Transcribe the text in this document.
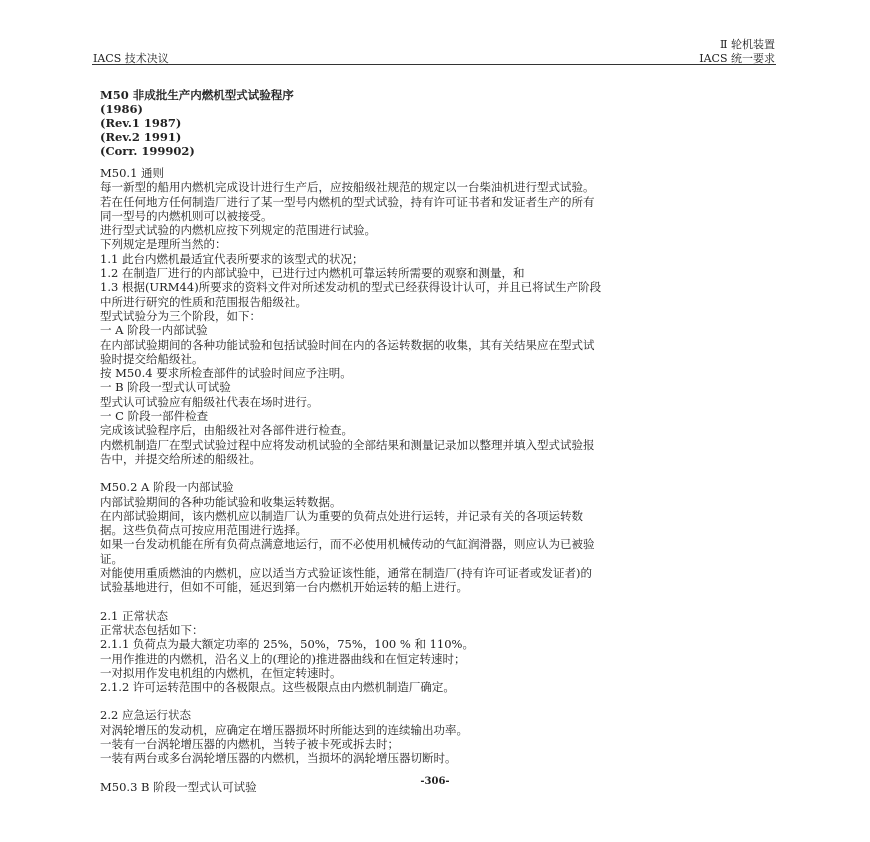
Ⅱ 轮机装置
IACS 技术决议	IACS 统一要求
M50 非成批生产内燃机型式试验程序
(1986)
(Rev.1 1987)
(Rev.2 1991)
(Corr. 199902)

M50.1 通则

每一新型的船用内燃机完成设计进行生产后，应按船级社规范的规定以一台柴油机进行型式试验。

若在任何地方任何制造厂进行了某一型号内燃机的型式试验，持有许可证书者和发证者生产的所有

同一型号的内燃机则可以被接受。

进行型式试验的内燃机应按下列规定的范围进行试验。

下列规定是理所当然的：

1.1 此台内燃机最适宜代表所要求的该型式的状况；

1.2 在制造厂进行的内部试验中，已进行过内燃机可靠运转所需要的观察和测量，和

1.3 根据(URM44)所要求的资料文件对所述发动机的型式已经获得设计认可，并且已将试生产阶段

中所进行研究的性质和范围报告船级社。

型式试验分为三个阶段，如下：

一 A 阶段一内部试验

在内部试验期间的各种功能试验和包括试验时间在内的各运转数据的收集，其有关结果应在型式试

验时提交给船级社。

按 M50.4 要求所检查部件的试验时间应予注明。

一 B 阶段一型式认可试验

型式认可试验应有船级社代表在场时进行。

一 C 阶段一部件检查

完成该试验程序后，由船级社对各部件进行检查。

内燃机制造厂在型式试验过程中应将发动机试验的全部结果和测量记录加以整理并填入型式试验报

告中，并提交给所述的船级社。

M50.2 A 阶段一内部试验

内部试验期间的各种功能试验和收集运转数据。

在内部试验期间，该内燃机应以制造厂认为重要的负荷点处进行运转，并记录有关的各项运转数

据。这些负荷点可按应用范围进行选择。

如果一台发动机能在所有负荷点满意地运行，而不必使用机械传动的气缸润滑器，则应认为已被验

证。

对能使用重质燃油的内燃机，应以适当方式验证该性能，通常在制造厂(持有许可证者或发证者)的

试验基地进行，但如不可能，延迟到第一台内燃机开始运转的船上进行。

2.1 正常状态

正常状态包括如下：

2.1.1 负荷点为最大额定功率的 25%，50%，75%，100 % 和 110%。

一用作推进的内燃机，沿名义上的(理论的)推进器曲线和在恒定转速时；

一对拟用作发电机组的内燃机，在恒定转速时。

2.1.2 许可运转范围中的各极限点。这些极限点由内燃机制造厂确定。

2.2 应急运行状态

对涡轮增压的发动机，应确定在增压器损坏时所能达到的连续输出功率。

一装有一台涡轮增压器的内燃机，当转子被卡死或拆去时；

一装有两台或多台涡轮增压器的内燃机，当损坏的涡轮增压器切断时。

M50.3 B 阶段一型式认可试验	-306-
